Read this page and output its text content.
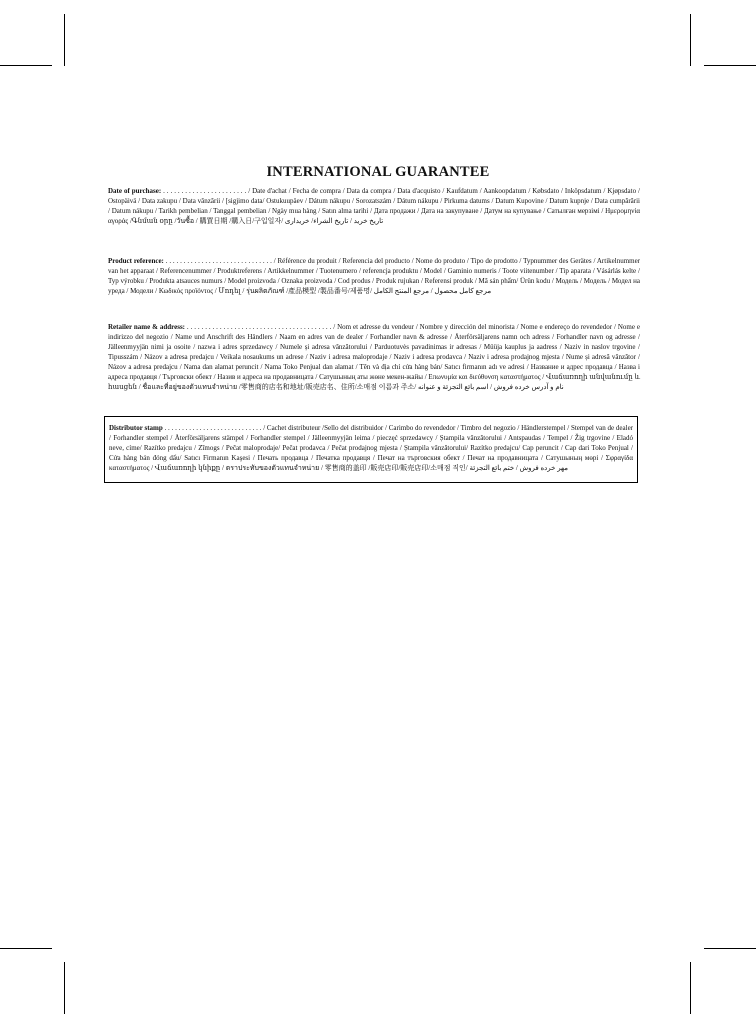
INTERNATIONAL GUARANTEE
Date of purchase: . . . . . . . . . . . . . . . . . . . . . . . / Date d'achat / Fecha de compra / Data da compra / Data d'acquisto / Kaufdatum / Aankoopdatum / Købsdato / Inköpsdatum / Kjøpsdato / Ostopäivä / Data zakupu / Data vânzării / [sigjimo data/ Ostukuupäev / Dátum nákupu / Sorozatszám / Dátum nákupu / Pirkuma datums / Datum Kupovine / Datum kupnje / Data cumpărării / Datum nákupu / Tarikh pembelian / Tanggal pembelian / Ngày mua hàng / Satın alma tarihi / Дата продажи / Дата на закупуване / Датум на купување / Сатылған мерзімі / Ημερομηνία αγοράς /Գնման օրը /วันซื้อ / 購買日期 /購入日/구입일자/ تاریخ خرید / تاريخ الشراء/ خریداری
Product reference: . . . . . . . . . . . . . . . . . . . . . . . . . . . . . . / Référence du produit / Referencia del producto / Nome do produto / Tipo de prodotto / Typnummer des Gerätes / Artikelnummer van het apparaat / Referencenummer / Produktreferens / Artikkelnummer / Tuotenumero / referencja produktu / Model / Gaminio numeris / Toote viitenumber / Tip aparata / Vásárlás kelte / Typ výrobku / Produkta atsauces numurs / Model proizvoda / Oznaka proizvoda / Cod produs / Produk rujukan / Referensi produk / Mã sản phẩm/ Ürün kodu / Модель / Модель / Модел на уреда / Модели / Κωδικός προϊόντος / Մոդել / รุ่นผลิตภัณฑ์ /產品模型 /製品番号/제품명/ مرجع كامل محصول / مرجع المنتج الكامل
Retailer name & address: . . . . . . . . . . . . . . . . . . . . . . . . . . . . . . . . . . . . . . . . / Nom et adresse du vendeur / Nombre y dirección del minorista / Nome e endereço do revendedor / Nome e indirizzo del negozio / Name und Anschrift des Händlers / Naam en adres van de dealer / Forhandler navn & adresse / Återförsäljarens namn och adress / Forhandler navn og adresse / Jälleenmyyjän nimi ja osoite / nazwa i adres sprzedawcy / Numele și adresa vânzătorului / Parduotuvės pavadinimas ir adresas / Müüja kauplus ja aadress / Naziv in naslov trgovine / Tipusszám / Názov a adresa predajcu / Veikala nosaukums un adrese / Naziv i adresa maloprodaje / Naziv i adresa prodavca / Naziv i adresa prodajnog mjesta / Nume și adresă vânzător / Názov a adresa predajcu / Nama dan alamat peruncit / Nama Toko Penjual dan alamat / Tên và địa chỉ cửa hàng bán/ Satıcı firmanın adı ve adresi / Название и адрес продавца / Назва і адреса продавця / Търговски обект / Назив и адреса на продавницата / Сатушының аты жөне мекен-жайы / Επωνυμία και διεύθυνση καταστήματος / Վաճառողի անվանումը և հասցեն / ชื่อและที่อยู่ของตัวแทนจำหน่าย /零售商的店名和地址/販売店名、住所/소매점 이름과 주소/ نام و آدرس خرده فروش / اسم بائع التجزئة و عنوانه
Distributor stamp . . . . . . . . . . . . . . . . . . . . . . . . . . . . / Cachet distributeur /Sello del distribuidor / Carimbo do revendedor / Timbro del negozio / Händlerstempel / Stempel van de dealer / Forhandler stempel / Återförsäljarens stämpel / Forhandler stempel / Jälleenmyyjän leima / pieczęć sprzedawcy / Ștampila vânzătorului / Antspaudas / Tempel / Žig trgovine / Eladó neve, címe/ Razítko predajcu / Zīmogs / Pečat maloprodaje/ Pečat prodavca / Pečat prodajnog mjesta / Ștampila vânzătorului/ Razítko predajcu/ Cap peruncit / Cap dari Toko Penjual / Cửa hàng bán đóng dấu/ Satıcı Firmanın Kaşesi / Печать продавца / Печатка продавця / Печат на търговския обект / Печат на продавницата / Сатушының мөрі / Σφραγίδα καταστήματος / Վաճառողի կնիքը / ตราประทับของตัวแทนจำหน่าย / 零售商的盖印 /販売店印/販売店印/소매점 직인/ مهر خرده فروش / ختم بائع التجزئة
